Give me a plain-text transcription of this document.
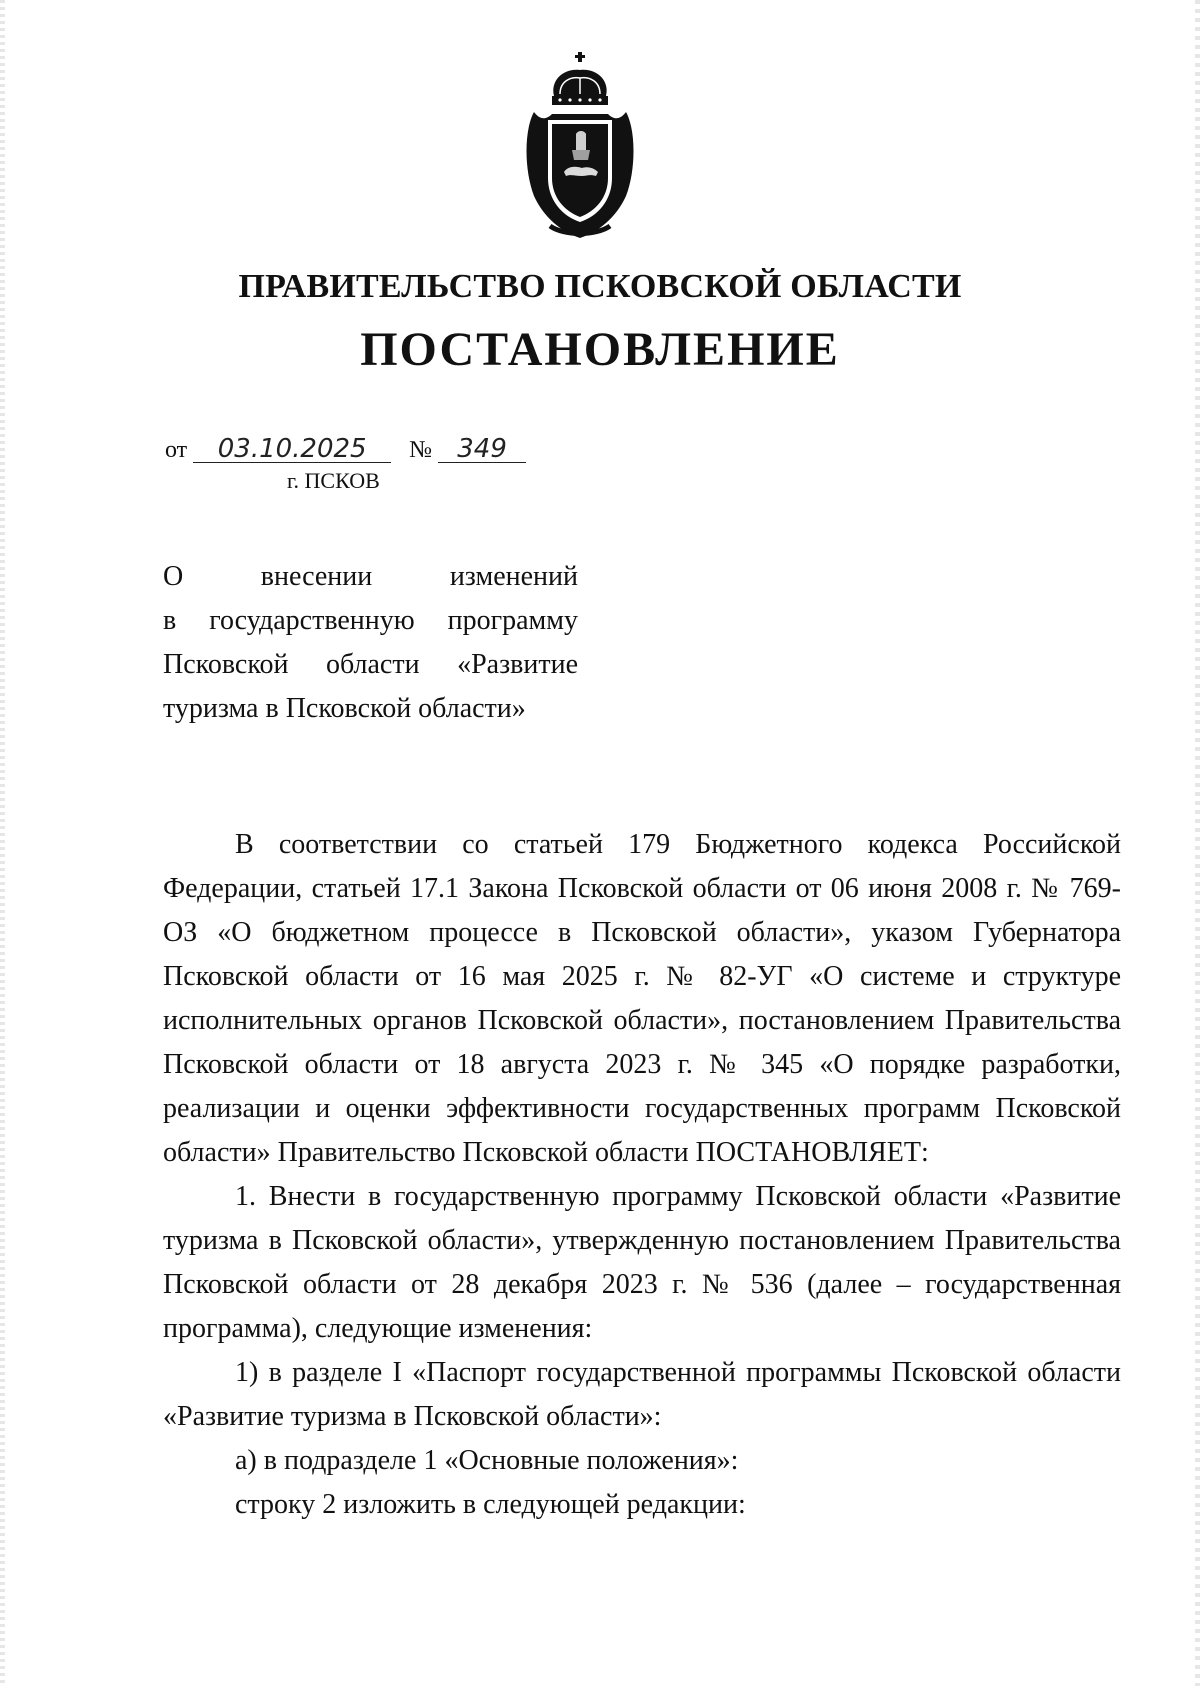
ПРАВИТЕЛЬСТВО ПСКОВСКОЙ ОБЛАСТИ
ПОСТАНОВЛЕНИЕ
от 03.10.2025 № 349
г. ПСКОВ
О внесении изменений
в государственную программу
Псковской области «Развитие
туризма в Псковской области»

В соответствии со статьей 179 Бюджетного кодекса Российской Федерации, статьей 17.1 Закона Псковской области от 06 июня 2008 г. № 769-ОЗ «О бюджетном процессе в Псковской области», указом Губернатора Псковской области от 16 мая 2025 г. № 82-УГ «О системе и структуре исполнительных органов Псковской области», постановлением Правительства Псковской области от 18 августа 2023 г. № 345 «О порядке разработки, реализации и оценки эффективности государственных программ Псковской области» Правительство Псковской области ПОСТАНОВЛЯЕТ:

1. Внести в государственную программу Псковской области «Развитие туризма в Псковской области», утвержденную постановлением Правительства Псковской области от 28 декабря 2023 г. № 536 (далее – государственная программа), следующие изменения:

1) в разделе I «Паспорт государственной программы Псковской области «Развитие туризма в Псковской области»:

а) в подразделе 1 «Основные положения»:

строку 2 изложить в следующей редакции:
